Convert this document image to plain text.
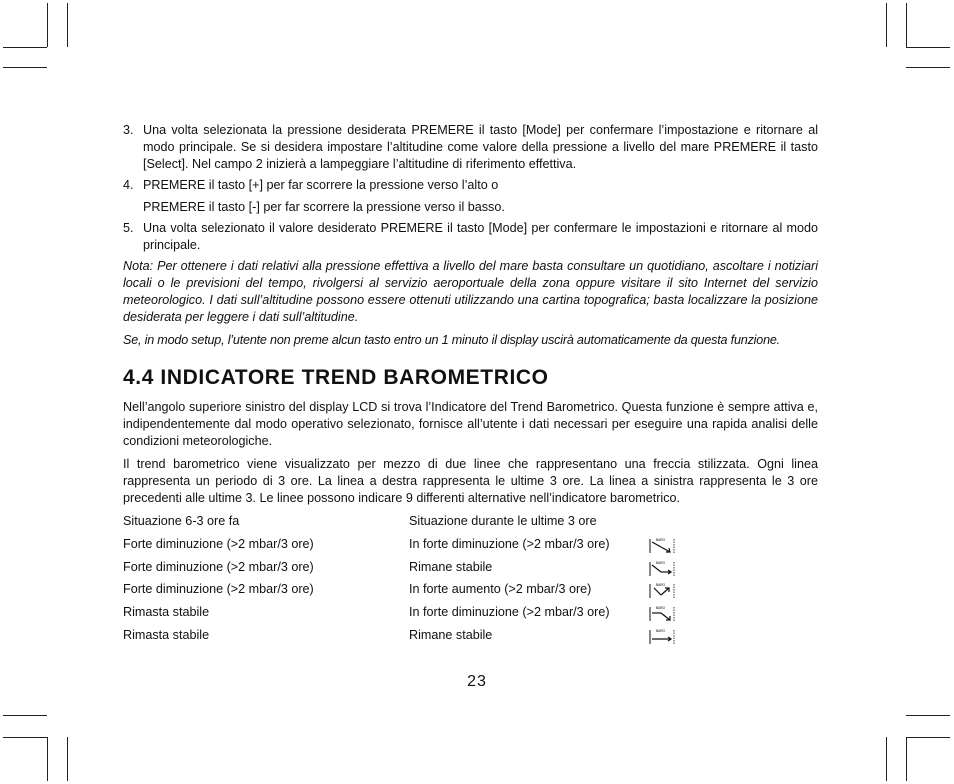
3. Una volta selezionata la pressione desiderata PREMERE il tasto [Mode] per confermare l’impostazione e ritornare al modo principale. Se si desidera impostare l’altitudine come valore della pressione a livello del mare PREMERE il tasto [Select]. Nel campo 2 inizierà a lampeggiare l’altitudine di riferimento effettiva.

4. PREMERE il tasto [+] per far scorrere la pressione verso l’alto o

PREMERE il tasto [-] per far scorrere la pressione verso il basso.

5. Una volta selezionato il valore desiderato PREMERE il tasto [Mode] per confermare le impostazioni e ritornare al modo principale.

Nota: Per ottenere i dati relativi alla pressione effettiva a livello del mare basta consultare un quotidiano, ascoltare i notiziari locali o le previsioni del tempo, rivolgersi al servizio aeroportuale della zona oppure visitare il sito Internet del servizio meteorologico. I dati sull’altitudine possono essere ottenuti utilizzando una cartina topografica; basta localizzare la posizione desiderata per leggere i dati sull’altitudine.

Se, in modo setup, l’utente non preme alcun tasto entro un 1 minuto il display uscirà automaticamente da questa funzione.

4.4 INDICATORE TREND BAROMETRICO

Nell’angolo superiore sinistro del display LCD si trova l’Indicatore del Trend Barometrico. Questa funzione è sempre attiva e, indipendentemente dal modo operativo selezionato, fornisce all’utente i dati necessari per eseguire una rapida analisi delle condizioni meteorologiche.

Il trend barometrico viene visualizzato per mezzo di due linee che rappresentano una freccia stilizzata. Ogni linea rappresenta un periodo di 3 ore. La linea a destra rappresenta le ultime 3 ore. La linea a sinistra rappresenta le 3 ore precedenti alle ultime 3. Le linee possono indicare 9 differenti alternative nell’indicatore barometrico.

Situazione 6-3 ore fa	Situazione durante le ultime 3 ore
Forte diminuzione (>2 mbar/3 ore)	In forte diminuzione (>2 mbar/3 ore)	BARO
Forte diminuzione (>2 mbar/3 ore)	Rimane stabile	BARO
Forte diminuzione (>2 mbar/3 ore)	In forte aumento (>2 mbar/3 ore)	BARO
Rimasta stabile	In forte diminuzione (>2 mbar/3 ore)	BARO
Rimasta stabile	Rimane stabile	BARO
23
